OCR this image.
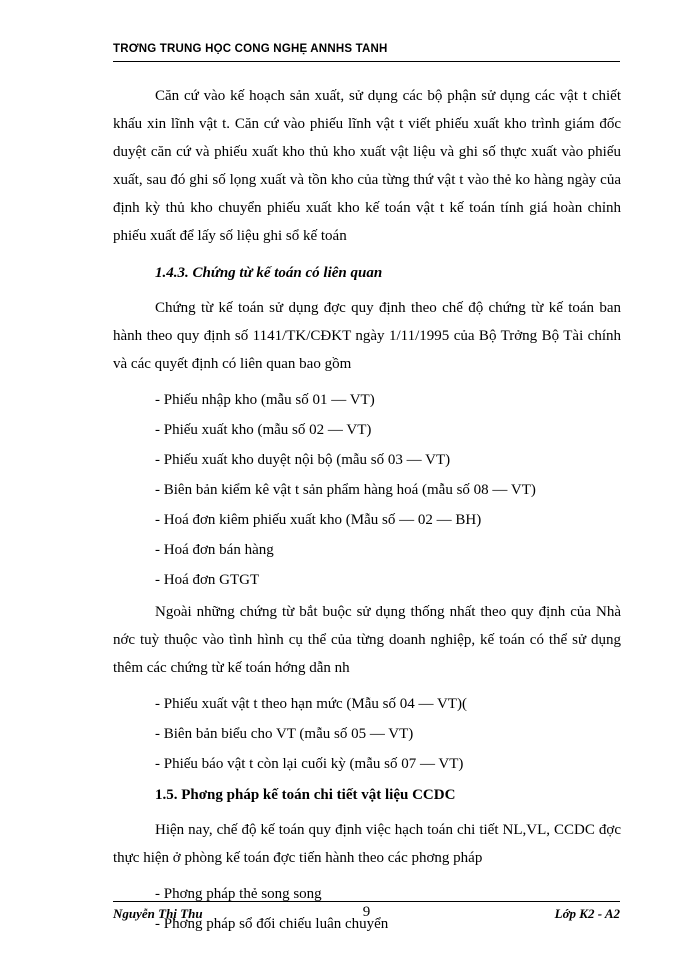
TRỜNG TRUNG HỌC CÔNG NGHỆ ANNHS TANH

Căn cứ vào kế hoạch sản xuất, sử dụng các bộ phận sử dụng các vật t chiết khấu xin lĩnh vật t. Căn cứ vào phiếu lĩnh vật t viết phiếu xuất kho trình giám đốc duyệt căn cứ và phiếu xuất kho thủ kho xuất vật liệu và ghi số thực xuất vào phiếu xuất, sau đó ghi số lọng xuất và tồn kho của từng thứ vật t vào thẻ ko hàng ngày của định kỳ thủ kho chuyển phiếu xuất kho kế toán vật t kế toán tính giá hoàn chỉnh phiếu xuất để lấy số liệu ghi sổ kế toán

1.4.3. Chứng từ kế toán có liên quan

Chứng từ kế toán sử dụng đợc quy định theo chế độ chứng từ kế toán ban hành theo quy định số 1141/TK/CĐKT ngày 1/11/1995 của Bộ Trởng Bộ Tài chính và các quyết định có liên quan bao gồm

- Phiếu nhập kho (mẫu số 01 — VT)

- Phiếu xuất kho (mẫu số 02 — VT)

- Phiếu xuất kho duyệt nội bộ (mẫu số 03 — VT)

- Biên bản kiểm kê vật t sản phẩm hàng hoá (mẫu số 08 — VT)

- Hoá đơn kiêm phiếu xuất kho (Mẫu số — 02 — BH)

- Hoá đơn bán hàng

- Hoá đơn GTGT

Ngoài những chứng từ bắt buộc sử dụng thống nhất theo quy định của Nhà nớc tuỳ thuộc vào tình hình cụ thể của từng doanh nghiệp, kế toán có thể sử dụng thêm các chứng từ kế toán hớng dẫn nh

- Phiếu xuất vật t theo hạn mức (Mẫu số 04 — VT)(

- Biên bản biểu cho VT (mẫu số 05 — VT)

- Phiếu báo vật t còn lại cuối kỳ (mẫu số 07 — VT)

1.5. Phơng pháp kế toán chi tiết vật liệu CCDC

Hiện nay, chế độ kế toán quy định việc hạch toán chi tiết NL,VL, CCDC đợc thực hiện ở phòng kế toán đợc tiến hành theo các phơng pháp

- Phơng pháp thẻ song song

- Phơng pháp sổ đối chiếu luân chuyển

Nguyễn Thị Thu	9	Lớp K2 - A2
